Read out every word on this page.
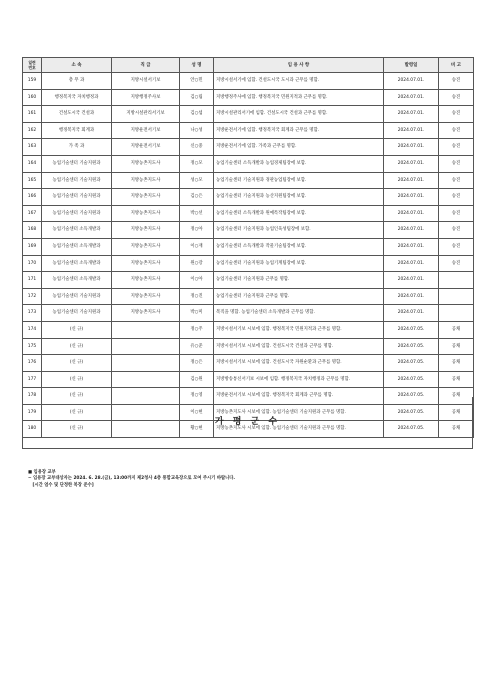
일련
번호	소 속	직 급	성 명	임 용 사 항	발령일	비 고
159	총 무 과	지방시설서기보	안○민	지방시설서기에 임함. 건설도시국 도시과 근무를 명함.	2024.07.01.	승진
160	행정복지국 자치행정과	지방행정주사보	김○림	지방행정주사에 임함. 행정복지국 민원지적과 근무를 명함.	2024.07.01.	승진
161	건설도시국 건설과	지방시설관리서기보	김○섭	지방시설관리서기에 임함. 건설도시국 건설과 근무를 명함.	2024.07.01.	승진
162	행정복지국 회계과	지방운전서기보	나○성	지방운전서기에 임함. 행정복지국 회계과 근무를 명함.	2024.07.01.	승진
163	가 족 과	지방운전서기보	신○중	지방운전서기에 임함. 가족과 근무를 명함.	2024.07.01.	승진
164	농업기술센터 기술지원과	지방농촌지도사	정○모	농업기술센터 소득개발과 농업경제팀장에 보함.	2024.07.01.	승진
165	농업기술센터 기술지원과	지방농촌지도사	성○모	농업기술센터 기술지원과 경관농업팀장에 보함.	2024.07.01.	승진
166	농업기술센터 기술지원과	지방농촌지도사	김○은	농업기술센터 기술지원과 농산지원팀장에 보함.	2024.07.01.	승진
167	농업기술센터 기술지원과	지방농촌지도사	박○선	농업기술센터 소득개발과 원예특작팀장에 보함.	2024.07.01.	승진
168	농업기술센터 소득개발과	지방농촌지도사	정○아	농업기술센터 기술지원과 농업인육성팀장에 보함.	2024.07.01.	승진
169	농업기술센터 소득개발과	지방농촌지도사	이○재	농업기술센터 소득개발과 작물기술팀장에 보함.	2024.07.01.	승진
170	농업기술센터 소득개발과	지방농촌지도사	원○강	농업기술센터 기술지원과 농업기계팀장에 보함.	2024.07.01.	승진
171	농업기술센터 소득개발과	지방농촌지도사	이○아	농업기술센터 기술지원과 근무를 명함.	2024.07.01.	
172	농업기술센터 기술지원과	지방농촌지도사	정○진	농업기술센터 기술지원과 근무를 명함.	2024.07.01.	
173	농업기술센터 기술지원과	지방농촌지도사	박○미	복직을 명함. 농업기술센터 소득개발과 근무를 명함.	2024.07.01.	
174	(신 규)		정○주	지방시설서기보 시보에 임함. 행정복지국 민원지적과 근무를 명함.	2024.07.05.	공채
175	(신 규)		유○준	지방시설서기보 시보에 임함. 건설도시국 건설과 근무를 명함.	2024.07.05.	공채
176	(신 규)		정○은	지방시설서기보 시보에 임함. 건설도시국 자원순환과 근무를 명함.	2024.07.05.	공채
177	(신 규)		김○원	지방방송통신서기보 시보에 임함. 행정복지국 자치행정과 근무를 명함.	2024.07.05.	공채
178	(신 규)		정○영	지방운전서기보 시보에 임함. 행정복지국 회계과 근무를 명함.	2024.07.05.	공채
179	(신 규)		이○현	지방농촌지도사 시보에 임함. 농업기술센터 기술지원과 근무를 명함.	2024.07.05.	공채
180	(신 규)		황○현	지방농촌지도사 시보에 임함. 농업기술센터 기술지원과 근무를 명함.	2024.07.05.	공채
가 평 군 수
■ 임용장 교부
~ 임용장 교부대상자는 2024. 6. 28.(금), 13:00까지 제2청사 4층 통합교육장으로 모여 주시기 바랍니다.
[시간 엄수 및 단정한 복장 준수]
